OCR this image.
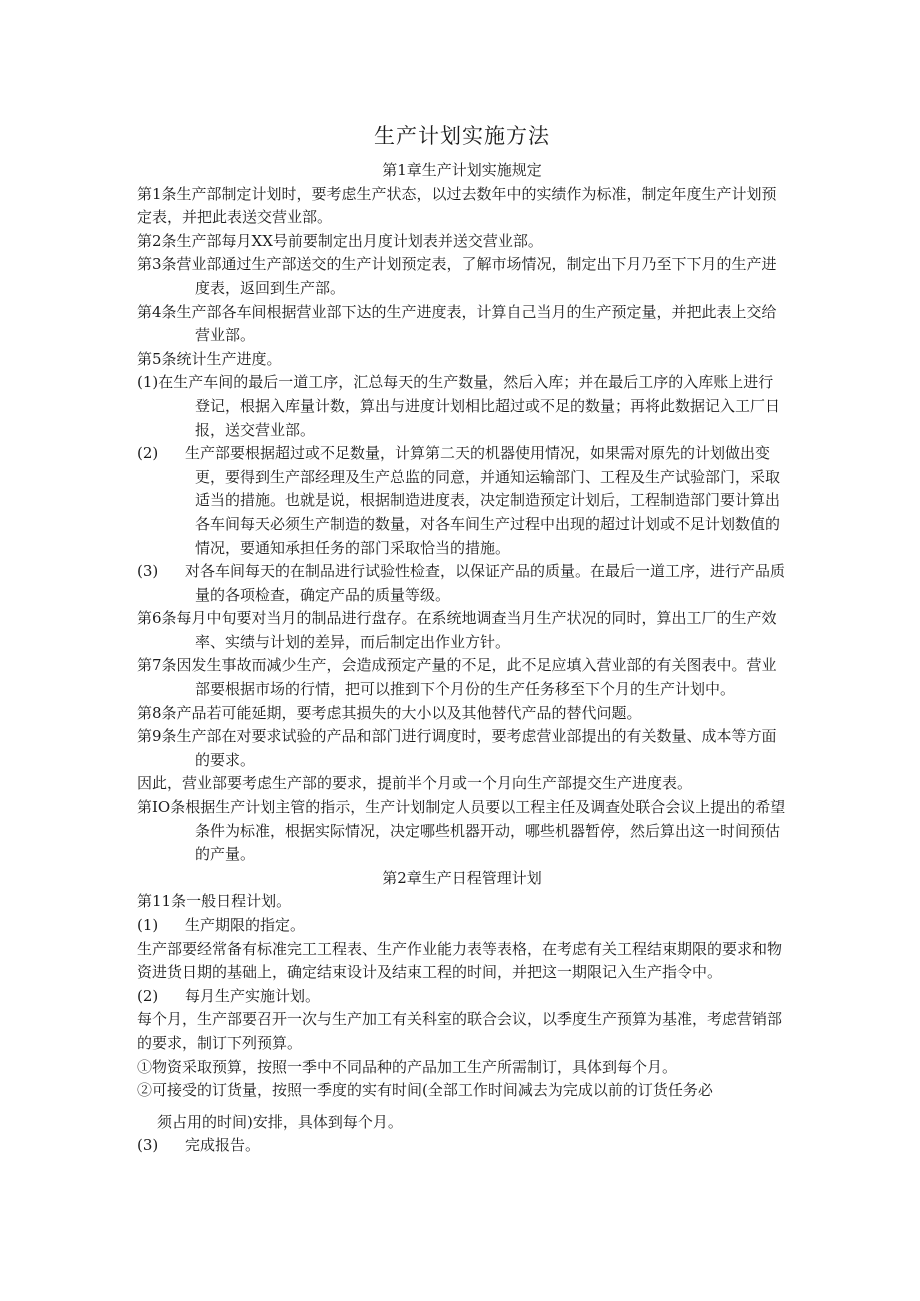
生产计划实施方法

第1章生产计划实施规定

第1条生产部制定计划时，要考虑生产状态，以过去数年中的实绩作为标准，制定年度生产计划预定表，并把此表送交营业部。

第2条生产部每月XX号前要制定出月度计划表并送交营业部。

第3条营业部通过生产部送交的生产计划预定表，了解市场情况，制定出下月乃至下下月的生产进度表，返回到生产部。

第4条生产部各车间根据营业部下达的生产进度表，计算自己当月的生产预定量，并把此表上交给营业部。

第5条统计生产进度。

(1)在生产车间的最后一道工序，汇总每天的生产数量，然后入库；并在最后工序的入库账上进行登记，根据入库量计数，算出与进度计划相比超过或不足的数量；再将此数据记入工厂日报，送交营业部。

(2) 生产部要根据超过或不足数量，计算第二天的机器使用情况，如果需对原先的计划做出变更，要得到生产部经理及生产总监的同意，并通知运输部门、工程及生产试验部门，采取适当的措施。也就是说，根据制造进度表，决定制造预定计划后，工程制造部门要计算出各车间每天必须生产制造的数量，对各车间生产过程中出现的超过计划或不足计划数值的情况，要通知承担任务的部门采取恰当的措施。

(3) 对各车间每天的在制品进行试验性检查，以保证产品的质量。在最后一道工序，进行产品质量的各项检查，确定产品的质量等级。

第6条每月中旬要对当月的制品进行盘存。在系统地调查当月生产状况的同时，算出工厂的生产效率、实绩与计划的差异，而后制定出作业方针。

第7条因发生事故而减少生产，会造成预定产量的不足，此不足应填入营业部的有关图表中。营业部要根据市场的行情，把可以推到下个月份的生产任务移至下个月的生产计划中。

第8条产品若可能延期，要考虑其损失的大小以及其他替代产品的替代问题。

第9条生产部在对要求试验的产品和部门进行调度时，要考虑营业部提出的有关数量、成本等方面的要求。

因此，营业部要考虑生产部的要求，提前半个月或一个月向生产部提交生产进度表。

第IO条根据生产计划主管的指示，生产计划制定人员要以工程主任及调查处联合会议上提出的希望条件为标准，根据实际情况，决定哪些机器开动，哪些机器暂停，然后算出这一时间预估的产量。

第2章生产日程管理计划

第11条一般日程计划。

(1) 生产期限的指定。

生产部要经常备有标准完工工程表、生产作业能力表等表格，在考虑有关工程结束期限的要求和物资进货日期的基础上，确定结束设计及结束工程的时间，并把这一期限记入生产指令中。

(2) 每月生产实施计划。

每个月，生产部要召开一次与生产加工有关科室的联合会议，以季度生产预算为基准，考虑营销部的要求，制订下列预算。

①物资采取预算，按照一季中不同品种的产品加工生产所需制订，具体到每个月。

②可接受的订货量，按照一季度的实有时间(全部工作时间减去为完成以前的订货任务必

须占用的时间)安排，具体到每个月。

(3) 完成报告。
